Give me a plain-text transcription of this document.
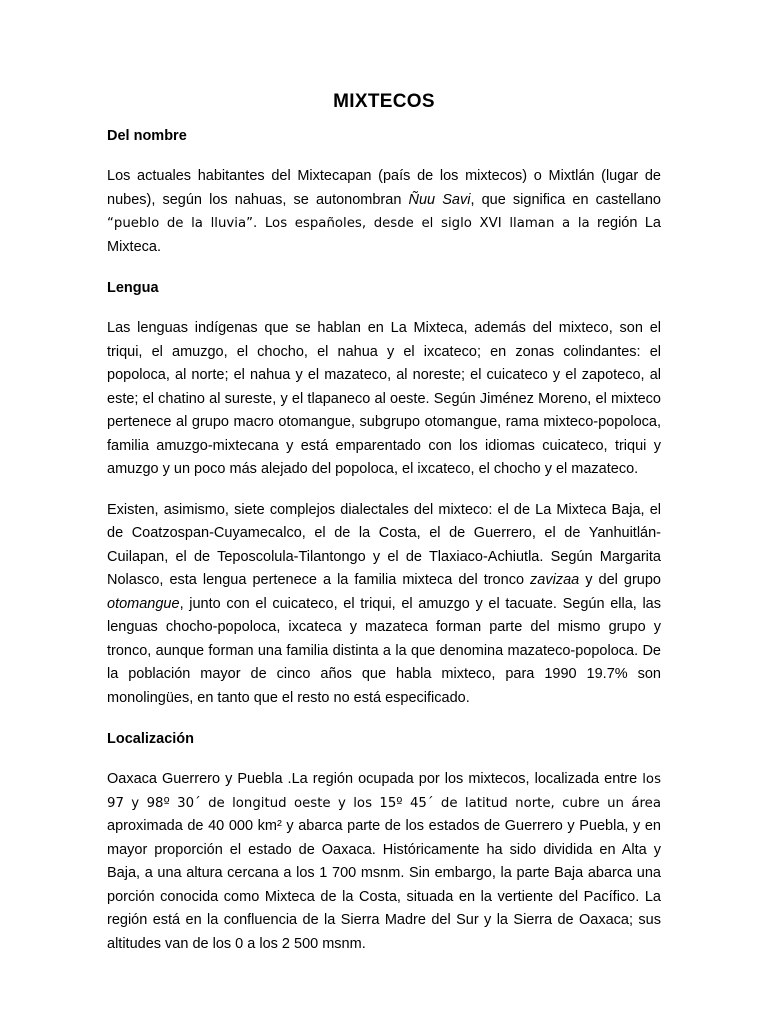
MIXTECOS
Del nombre

Los actuales habitantes del Mixtecapan (país de los mixtecos) o Mixtlán (lugar de nubes), según los nahuas, se autonombran Ñuu Savi, que significa en castellano “pueblo de la lluvia”. Los españoles, desde el siglo XVI llaman a la región La Mixteca.

Lengua

Las lenguas indígenas que se hablan en La Mixteca, además del mixteco, son el triqui, el amuzgo, el chocho, el nahua y el ixcateco; en zonas colindantes: el popoloca, al norte; el nahua y el mazateco, al noreste; el cuicateco y el zapoteco, al este; el chatino al sureste, y el tlapaneco al oeste. Según Jiménez Moreno, el mixteco pertenece al grupo macro otomangue, subgrupo otomangue, rama mixteco-popoloca, familia amuzgo-mixtecana y está emparentado con los idiomas cuicateco, triqui y amuzgo y un poco más alejado del popoloca, el ixcateco, el chocho y el mazateco.

Existen, asimismo, siete complejos dialectales del mixteco: el de La Mixteca Baja, el de Coatzospan-Cuyamecalco, el de la Costa, el de Guerrero, el de Yanhuitlán-Cuilapan, el de Teposcolula-Tilantongo y el de Tlaxiaco-Achiutla. Según Margarita Nolasco, esta lengua pertenece a la familia mixteca del tronco zavizaa y del grupo otomangue, junto con el cuicateco, el triqui, el amuzgo y el tacuate. Según ella, las lenguas chocho-popoloca, ixcateca y mazateca forman parte del mismo grupo y tronco, aunque forman una familia distinta a la que denomina mazateco-popoloca. De la población mayor de cinco años que habla mixteco, para 1990 19.7% son monolingües, en tanto que el resto no está especificado.

Localización

Oaxaca Guerrero y Puebla .La región ocupada por los mixtecos, localizada entre los 97 y 98º 30´ de longitud oeste y los 15º 45´ de latitud norte, cubre un área aproximada de 40 000 km² y abarca parte de los estados de Guerrero y Puebla, y en mayor proporción el estado de Oaxaca. Históricamente ha sido dividida en Alta y Baja, a una altura cercana a los 1 700 msnm. Sin embargo, la parte Baja abarca una porción conocida como Mixteca de la Costa, situada en la vertiente del Pacífico. La región está en la confluencia de la Sierra Madre del Sur y la Sierra de Oaxaca; sus altitudes van de los 0 a los 2 500 msnm.
